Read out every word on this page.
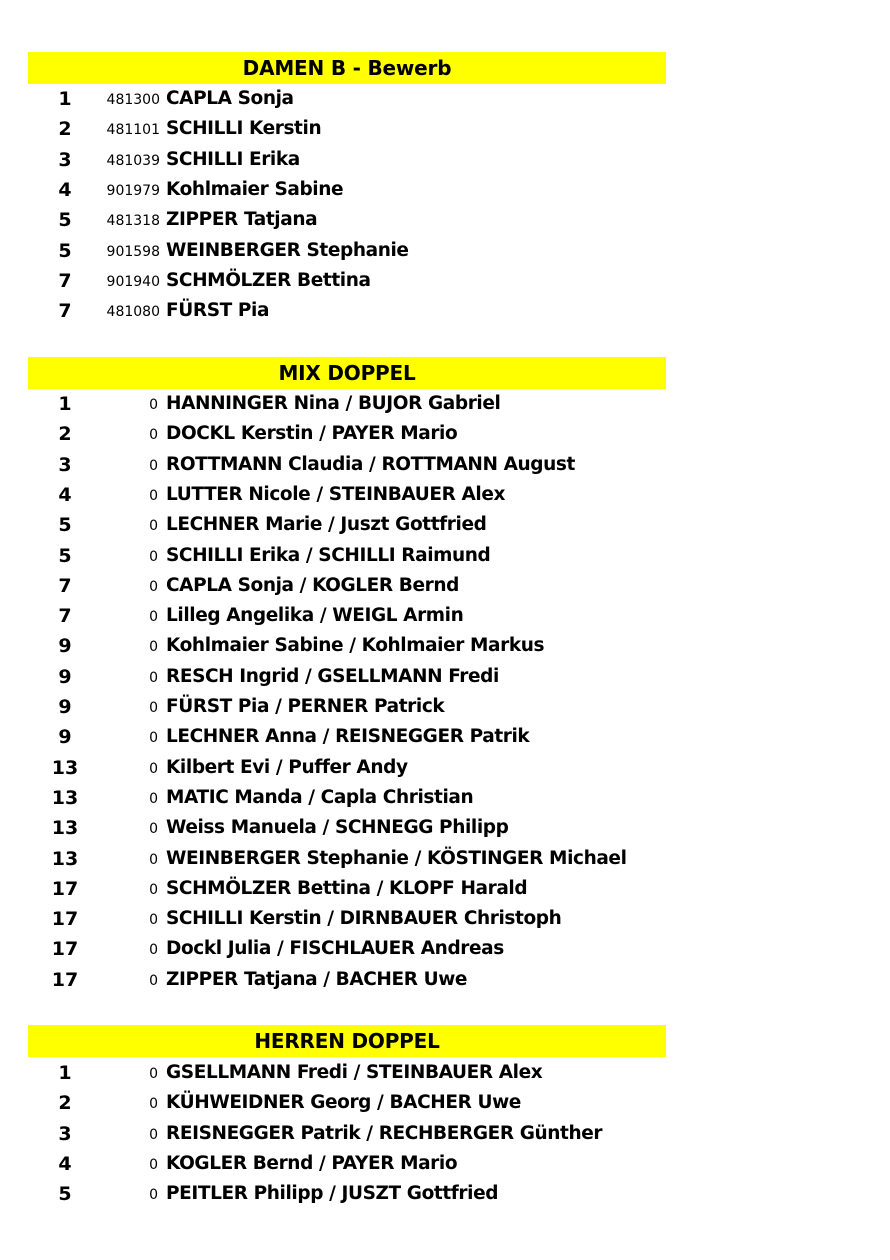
DAMEN B - Bewerb
1	481300 CAPLA Sonja
2	481101 SCHILLI Kerstin
3	481039 SCHILLI Erika
4	901979 Kohlmaier Sabine
5	481318 ZIPPER Tatjana
5	901598 WEINBERGER Stephanie
7	901940 SCHMÖLZER Bettina
7	481080 FÜRST Pia
MIX DOPPEL
1	0 HANNINGER Nina / BUJOR Gabriel
2	0 DOCKL Kerstin / PAYER Mario
3	0 ROTTMANN Claudia / ROTTMANN August
4	0 LUTTER Nicole / STEINBAUER Alex
5	0 LECHNER Marie / Juszt Gottfried
5	0 SCHILLI Erika / SCHILLI Raimund
7	0 CAPLA Sonja / KOGLER Bernd
7	0 Lilleg Angelika / WEIGL Armin
9	0 Kohlmaier Sabine / Kohlmaier Markus
9	0 RESCH Ingrid / GSELLMANN Fredi
9	0 FÜRST Pia / PERNER Patrick
9	0 LECHNER Anna / REISNEGGER Patrik
13	0 Kilbert Evi / Puffer Andy
13	0 MATIC Manda / Capla Christian
13	0 Weiss Manuela / SCHNEGG Philipp
13	0 WEINBERGER Stephanie / KÖSTINGER Michael
17	0 SCHMÖLZER Bettina / KLOPF Harald
17	0 SCHILLI Kerstin / DIRNBAUER Christoph
17	0 Dockl Julia / FISCHLAUER Andreas
17	0 ZIPPER Tatjana / BACHER Uwe
HERREN DOPPEL
1	0 GSELLMANN Fredi / STEINBAUER Alex
2	0 KÜHWEIDNER Georg / BACHER Uwe
3	0 REISNEGGER Patrik / RECHBERGER Günther
4	0 KOGLER Bernd / PAYER Mario
5	0 PEITLER Philipp / JUSZT Gottfried
